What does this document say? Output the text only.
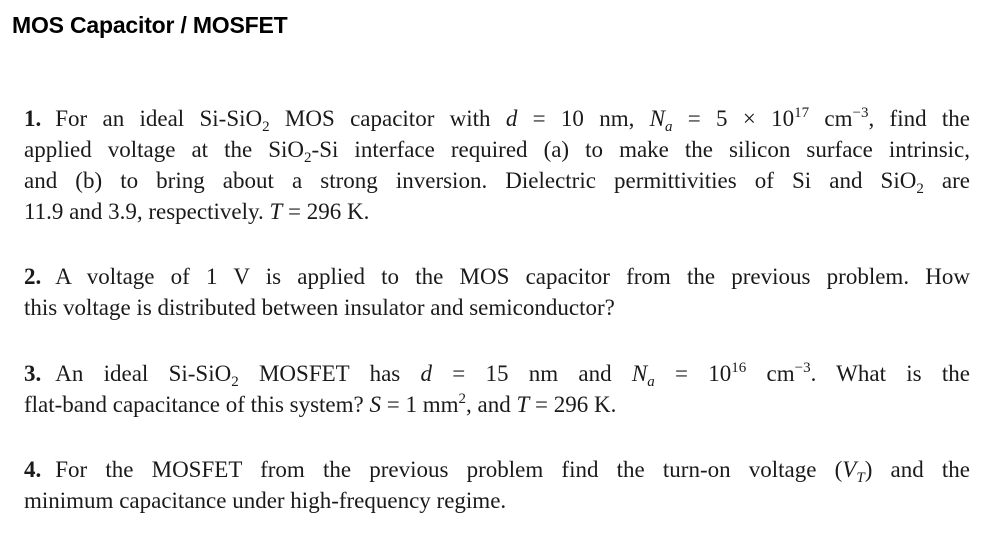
MOS Capacitor / MOSFET
1. For an ideal Si-SiO$_2$ MOS capacitor with d = 10 nm, $N_a = 5 \times 10^{17}$ $cm^{-3}$, find the
applied voltage at the SiO$_2$-Si interface required (a) to make the silicon surface intrinsic,
and (b) to bring about a strong inversion. Dielectric permittivities of Si and SiO$_2$ are
11.9 and 3.9, respectively. T = 296 K.
2. A voltage of 1 V is applied to the MOS capacitor from the previous problem. How
this voltage is distributed between insulator and semiconductor?
3. An ideal Si-SiO$_2$ MOSFET has d = 15 nm and $N_a = 10^{16}$ $cm^{-3}$. What is the
flat-band capacitance of this system? S = 1 $mm^2$, and T = 296 K.
4. For the MOSFET from the previous problem find the turn-on voltage $(V_T)$ and the
minimum capacitance under high-frequency regime.
